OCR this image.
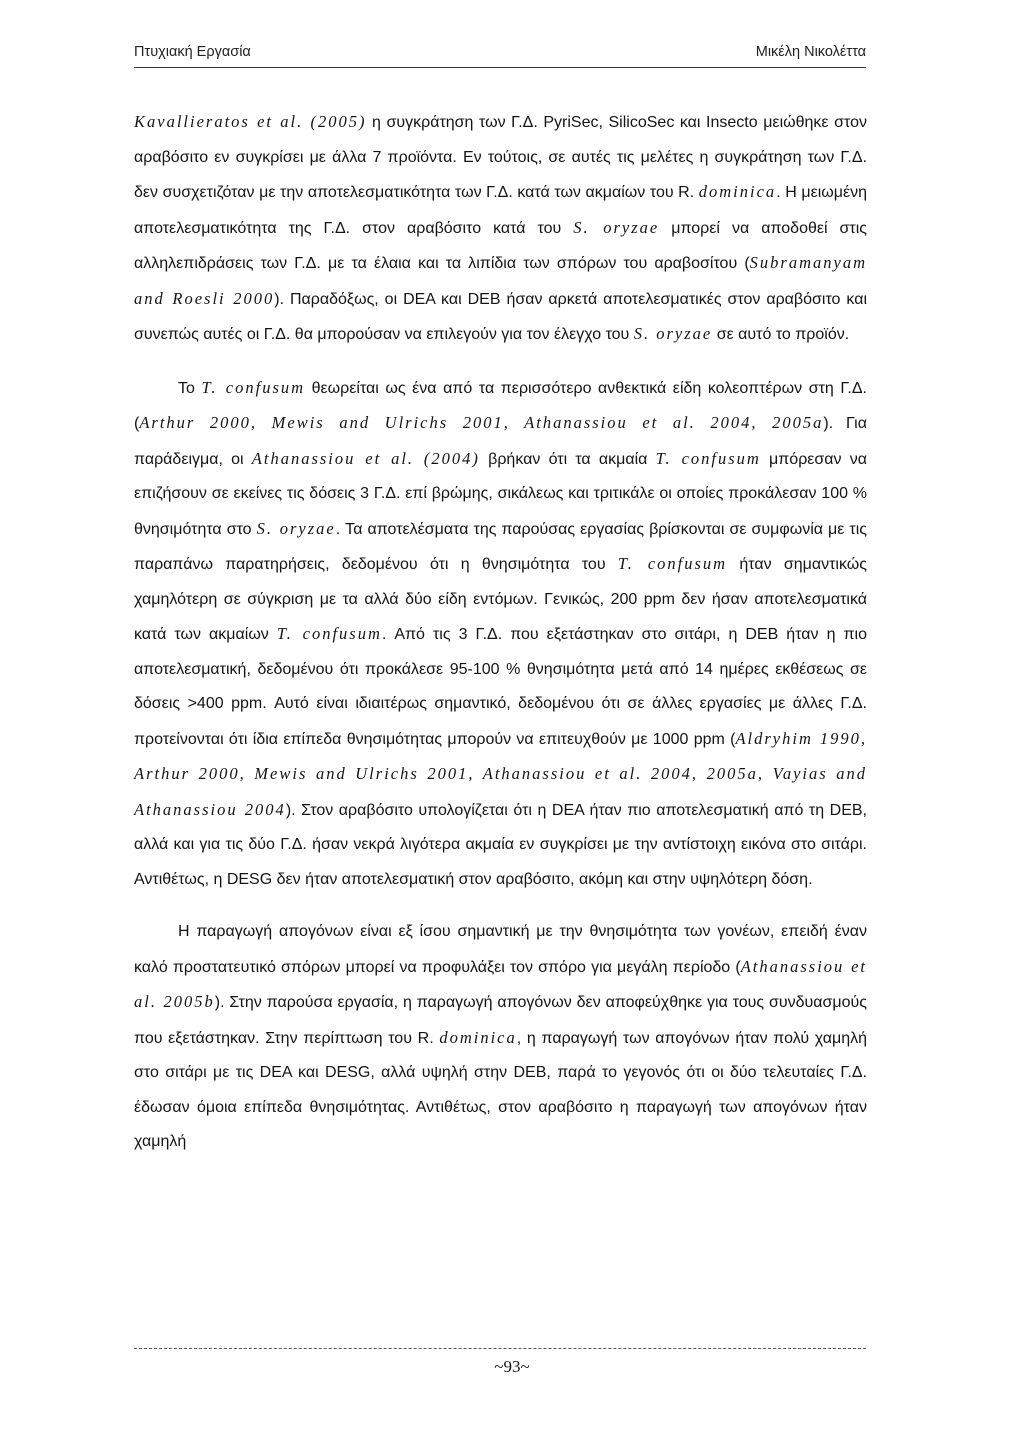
Πτυχιακή Εργασία	Μικέλη Νικολέττα

Kavallieratos et al. (2005) η συγκράτηση των Γ.Δ. PyriSec, SilicoSec και Insecto μειώθηκε στον αραβόσιτο εν συγκρίσει με άλλα 7 προϊόντα. Εν τούτοις, σε αυτές τις μελέτες η συγκράτηση των Γ.Δ. δεν συσχετιζόταν με την αποτελεσματικότητα των Γ.Δ. κατά των ακμαίων του R. dominica. Η μειωμένη αποτελεσματικότητα της Γ.Δ. στον αραβόσιτο κατά του S. oryzae μπορεί να αποδοθεί στις αλληλεπιδράσεις των Γ.Δ. με τα έλαια και τα λιπίδια των σπόρων του αραβοσίτου (Subramanyam and Roesli 2000). Παραδόξως, οι DEA και DEB ήσαν αρκετά αποτελεσματικές στον αραβόσιτο και συνεπώς αυτές οι Γ.Δ. θα μπορούσαν να επιλεγούν για τον έλεγχο του S. oryzae σε αυτό το προϊόν.

Το T. confusum θεωρείται ως ένα από τα περισσότερο ανθεκτικά είδη κολεοπτέρων στη Γ.Δ. (Arthur 2000, Mewis and Ulrichs 2001, Athanassiou et al. 2004, 2005a). Για παράδειγμα, οι Athanassiou et al. (2004) βρήκαν ότι τα ακμαία T. confusum μπόρεσαν να επιζήσουν σε εκείνες τις δόσεις 3 Γ.Δ. επί βρώμης, σικάλεως και τριτικάλε οι οποίες προκάλεσαν 100 % θνησιμότητα στο S. oryzae. Τα αποτελέσματα της παρούσας εργασίας βρίσκονται σε συμφωνία με τις παραπάνω παρατηρήσεις, δεδομένου ότι η θνησιμότητα του T. confusum ήταν σημαντικώς χαμηλότερη σε σύγκριση με τα αλλά δύο είδη εντόμων. Γενικώς, 200 ppm δεν ήσαν αποτελεσματικά κατά των ακμαίων T. confusum. Από τις 3 Γ.Δ. που εξετάστηκαν στο σιτάρι, η DEB ήταν η πιο αποτελεσματική, δεδομένου ότι προκάλεσε 95-100 % θνησιμότητα μετά από 14 ημέρες εκθέσεως σε δόσεις >400 ppm. Αυτό είναι ιδιαιτέρως σημαντικό, δεδομένου ότι σε άλλες εργασίες με άλλες Γ.Δ. προτείνονται ότι ίδια επίπεδα θνησιμότητας μπορούν να επιτευχθούν με 1000 ppm (Aldryhim 1990, Arthur 2000, Mewis and Ulrichs 2001, Athanassiou et al. 2004, 2005a, Vayias and Athanassiou 2004). Στον αραβόσιτο υπολογίζεται ότι η DEA ήταν πιο αποτελεσματική από τη DEB, αλλά και για τις δύο Γ.Δ. ήσαν νεκρά λιγότερα ακμαία εν συγκρίσει με την αντίστοιχη εικόνα στο σιτάρι. Αντιθέτως, η DESG δεν ήταν αποτελεσματική στον αραβόσιτο, ακόμη και στην υψηλότερη δόση.

Η παραγωγή απογόνων είναι εξ ίσου σημαντική με την θνησιμότητα των γονέων, επειδή έναν καλό προστατευτικό σπόρων μπορεί να προφυλάξει τον σπόρο για μεγάλη περίοδο (Athanassiou et al. 2005b). Στην παρούσα εργασία, η παραγωγή απογόνων δεν αποφεύχθηκε για τους συνδυασμούς που εξετάστηκαν. Στην περίπτωση του R. dominica, η παραγωγή των απογόνων ήταν πολύ χαμηλή στο σιτάρι με τις DEA και DESG, αλλά υψηλή στην DEB, παρά το γεγονός ότι οι δύο τελευταίες Γ.Δ. έδωσαν όμοια επίπεδα θνησιμότητας. Αντιθέτως, στον αραβόσιτο η παραγωγή των απογόνων ήταν χαμηλή

~93~
